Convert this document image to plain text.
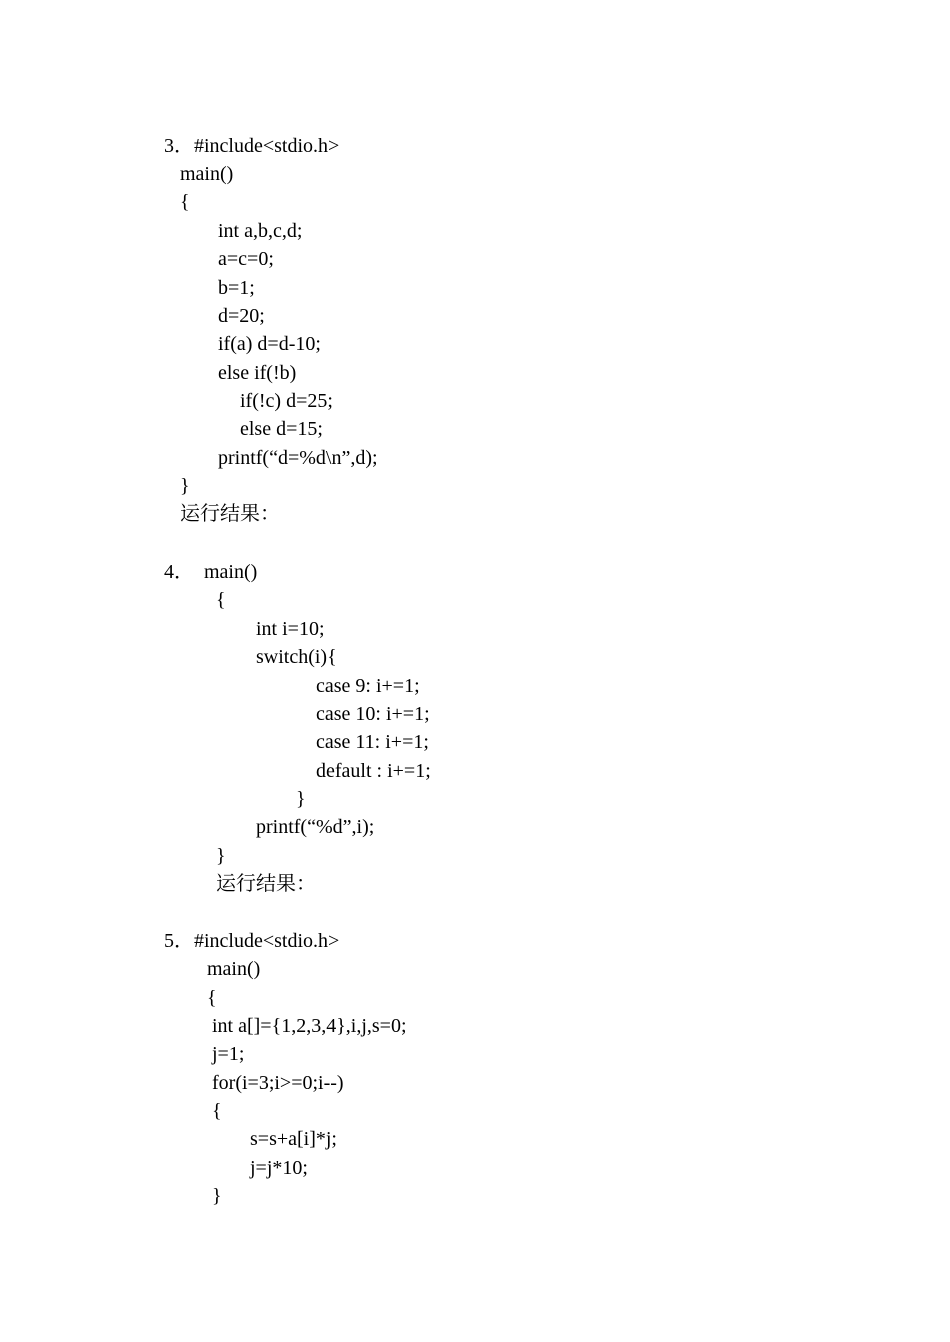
3．#include<stdio.h>
main()
{
int a,b,c,d;
a=c=0;
b=1;
d=20;
if(a) d=d-10;
else if(!b)
if(!c) d=25;
else d=15;
printf(“d=%d\n”,d);
}
运行结果：
4．  main()
{
int i=10;
switch(i){
case 9: i+=1;
case 10: i+=1;
case 11: i+=1;
default : i+=1;
}
printf(“%d”,i);
}
运行结果：
5．#include<stdio.h>
main()
{
int a[]={1,2,3,4},i,j,s=0;
j=1;
for(i=3;i>=0;i--)
{
s=s+a[i]*j;
j=j*10;
}
